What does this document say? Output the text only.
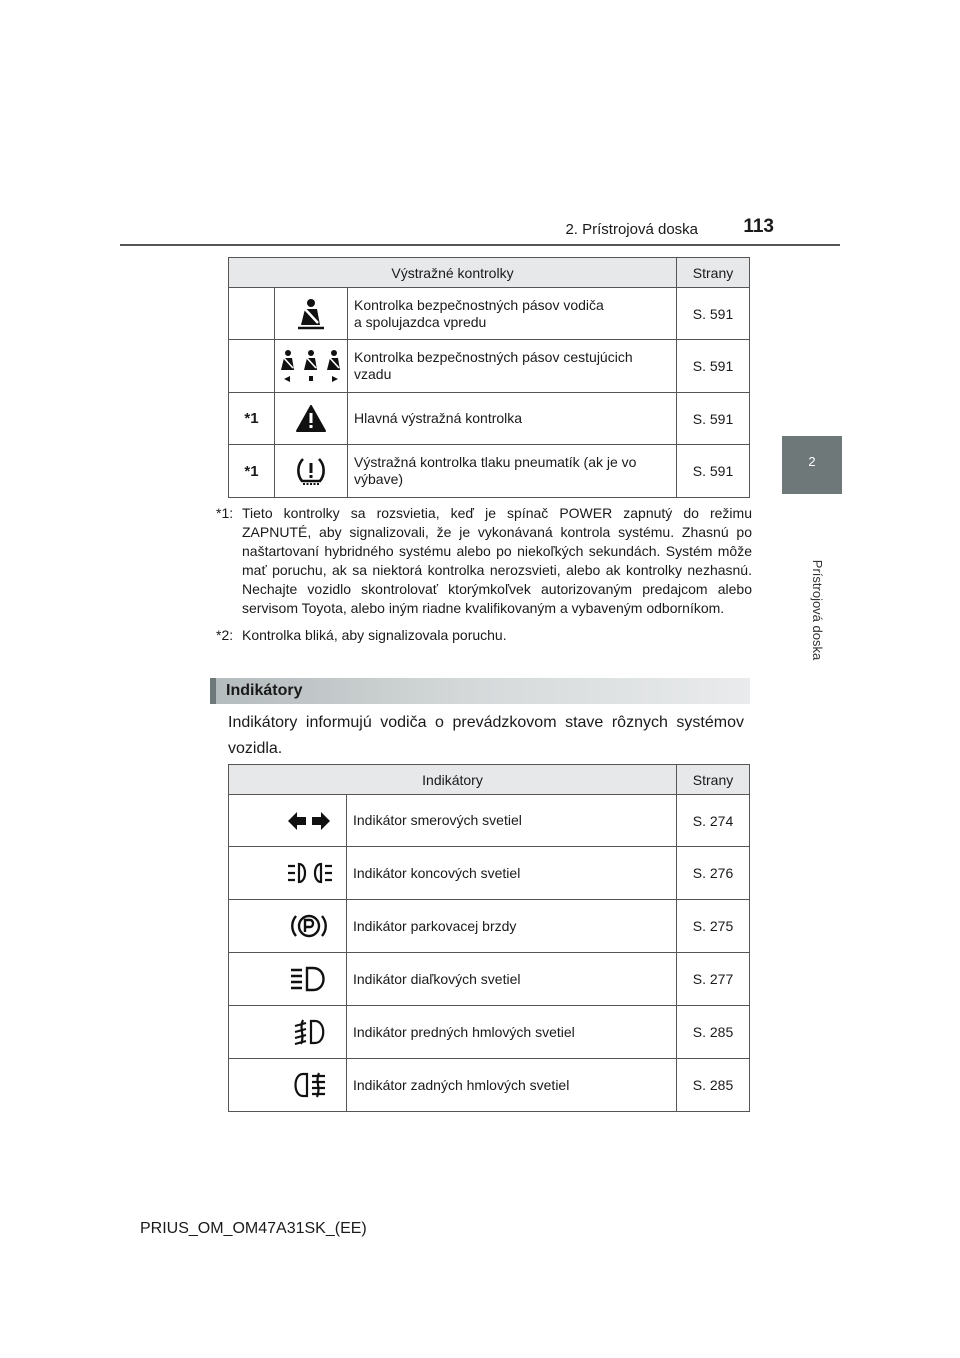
2. Prístrojová doska	113
2
Prístrojová doska
Výstražné kontrolky			Strany

	Kontrolka bezpečnostných pásov vodiča
a spolujazdca vpredu	S. 591

	Kontrolka bezpečnostných pásov cestujúcich vzadu	S. 591
*1		Hlavná výstražná kontrolka	S. 591
*1		Výstražná kontrolka tlaku pneumatík (ak je vo výbave)	S. 591
*1: Tieto kontrolky sa rozsvietia, keď je spínač POWER zapnutý do režimu ZAPNUTÉ, aby signalizovali, že je vykonávaná kontrola systému. Zhasnú po naštartovaní hybridného systému alebo po niekoľkých sekundách. Systém môže mať poruchu, ak sa niektorá kontrolka nerozsvieti, alebo ak kontrolky nezhasnú. Nechajte vozidlo skontrolovať ktorýmkoľvek autorizovaným predajcom alebo servisom Toyota, alebo iným riadne kvalifikovaným a vybaveným odborníkom.
*2: Kontrolka bliká, aby signalizovala poruchu.
Indikátory
Indikátory informujú vodiča o prevádzkovom stave rôznych systémov vozidla.
Indikátory		Strany

	Indikátor smerových svetiel	S. 274

	Indikátor koncových svetiel	S. 276

	Indikátor parkovacej brzdy	S. 275

	Indikátor diaľkových svetiel	S. 277

	Indikátor predných hmlových svetiel	S. 285

	Indikátor zadných hmlových svetiel	S. 285
PRIUS_OM_OM47A31SK_(EE)
